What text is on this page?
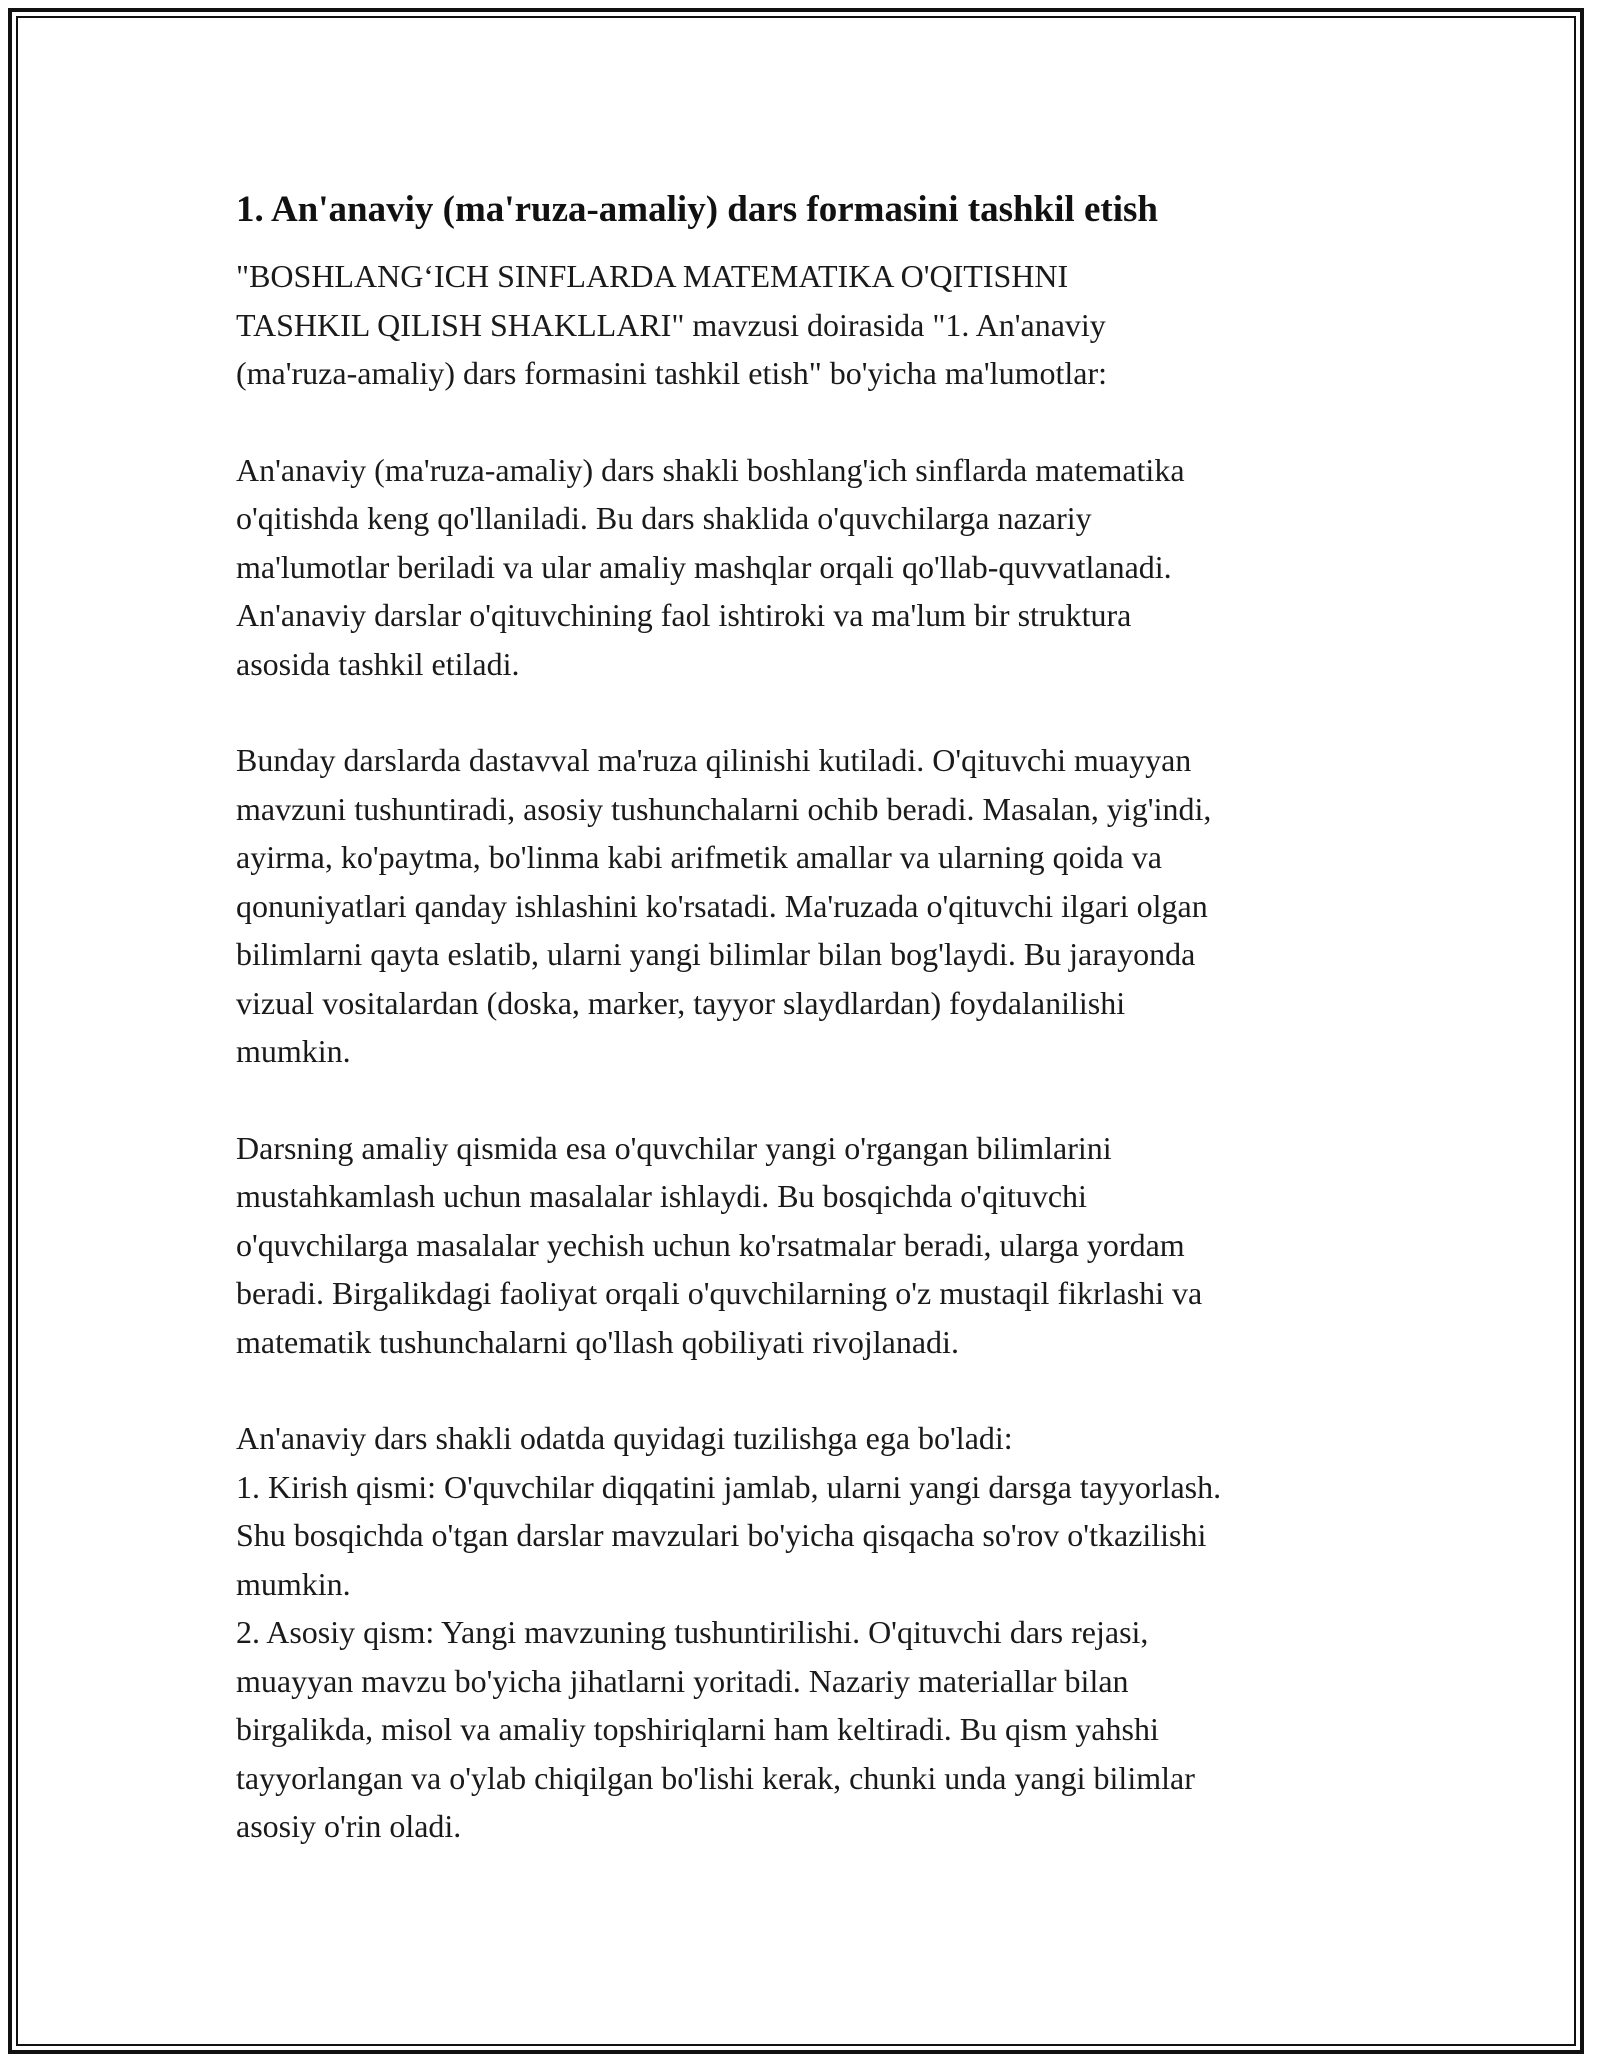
1. An'anaviy (ma'ruza-amaliy) dars formasini tashkil etish
"BOSHLANG‘ICH SINFLARDA MATEMATIKA O'QITISHNI
TASHKIL QILISH SHAKLLARI" mavzusi doirasida "1. An'anaviy
(ma'ruza-amaliy) dars formasini tashkil etish" bo'yicha ma'lumotlar:
An'anaviy (ma'ruza-amaliy) dars shakli boshlang'ich sinflarda matematika
o'qitishda keng qo'llaniladi. Bu dars shaklida o'quvchilarga nazariy
ma'lumotlar beriladi va ular amaliy mashqlar orqali qo'llab-quvvatlanadi.
An'anaviy darslar o'qituvchining faol ishtiroki va ma'lum bir struktura
asosida tashkil etiladi.
Bunday darslarda dastavval ma'ruza qilinishi kutiladi. O'qituvchi muayyan
mavzuni tushuntiradi, asosiy tushunchalarni ochib beradi. Masalan, yig'indi,
ayirma, ko'paytma, bo'linma kabi arifmetik amallar va ularning qoida va
qonuniyatlari qanday ishlashini ko'rsatadi. Ma'ruzada o'qituvchi ilgari olgan
bilimlarni qayta eslatib, ularni yangi bilimlar bilan bog'laydi. Bu jarayonda
vizual vositalardan (doska, marker, tayyor slaydlardan) foydalanilishi
mumkin.
Darsning amaliy qismida esa o'quvchilar yangi o'rgangan bilimlarini
mustahkamlash uchun masalalar ishlaydi. Bu bosqichda o'qituvchi
o'quvchilarga masalalar yechish uchun ko'rsatmalar beradi, ularga yordam
beradi. Birgalikdagi faoliyat orqali o'quvchilarning o'z mustaqil fikrlashi va
matematik tushunchalarni qo'llash qobiliyati rivojlanadi.
An'anaviy dars shakli odatda quyidagi tuzilishga ega bo'ladi:
1. Kirish qismi: O'quvchilar diqqatini jamlab, ularni yangi darsga tayyorlash.
Shu bosqichda o'tgan darslar mavzulari bo'yicha qisqacha so'rov o'tkazilishi
mumkin.
2. Asosiy qism: Yangi mavzuning tushuntirilishi. O'qituvchi dars rejasi,
muayyan mavzu bo'yicha jihatlarni yoritadi. Nazariy materiallar bilan
birgalikda, misol va amaliy topshiriqlarni ham keltiradi. Bu qism yahshi
tayyorlangan va o'ylab chiqilgan bo'lishi kerak, chunki unda yangi bilimlar
asosiy o'rin oladi.
